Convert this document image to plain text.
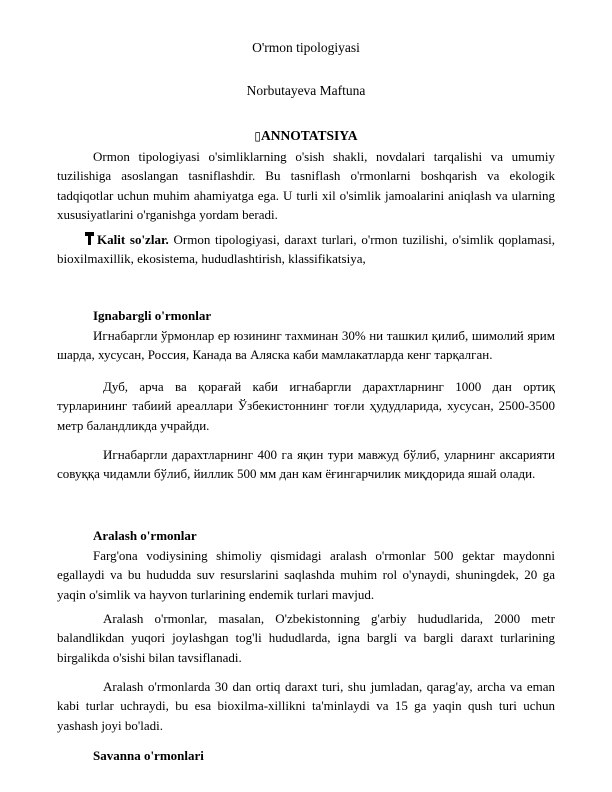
O'rmon tipologiyasi
Norbutayeva Maftuna
▯ANNOTATSIYA

Ormon tipologiyasi o'simliklarning o'sish shakli, novdalari tarqalishi va umumiy tuzilishiga asoslangan tasniflashdir. Bu tasniflash o'rmonlarni boshqarish va ekologik tadqiqotlar uchun muhim ahamiyatga ega. U turli xil o'simlik jamoalarini aniqlash va ularning xususiyatlarini o'rganishga yordam beradi.

Kalit so'zlar. Ormon tipologiyasi, daraxt turlari, o'rmon tuzilishi, o'simlik qoplamasi, bioxilmaxillik, ekosistema, hududlashtirish, klassifikatsiya,

Ignabargli o'rmonlar

Игнабаргли ўрмонлар ер юзининг тахминан 30% ни ташкил қилиб, шимолий ярим шарда, хусусан, Россия, Канада ва Аляска каби мамлакатларда кенг тарқалган.

Дуб, арча ва қорағай каби игнабаргли дарахтларнинг 1000 дан ортиқ турларининг табиий ареаллари Ўзбекистоннинг тоғли ҳудудларида, хусусан, 2500-3500 метр баландликда учрайди.

Игнабаргли дарахтларнинг 400 га яқин тури мавжуд бўлиб, уларнинг аксарияти совуққа чидамли бўлиб, йиллик 500 мм дан кам ёғингарчилик миқдорида яшай олади.

Aralash o'rmonlar

Farg'ona vodiysining shimoliy qismidagi aralash o'rmonlar 500 gektar maydonni egallaydi va bu hududda suv resurslarini saqlashda muhim rol o'ynaydi, shuningdek, 20 ga yaqin o'simlik va hayvon turlarining endemik turlari mavjud.

Aralash o'rmonlar, masalan, O'zbekistonning g'arbiy hududlarida, 2000 metr balandlikdan yuqori joylashgan tog'li hududlarda, igna bargli va bargli daraxt turlarining birgalikda o'sishi bilan tavsiflanadi.

Aralash o'rmonlarda 30 dan ortiq daraxt turi, shu jumladan, qarag'ay, archa va eman kabi turlar uchraydi, bu esa bioxilma-xillikni ta'minlaydi va 15 ga yaqin qush turi uchun yashash joyi bo'ladi.

Savanna o'rmonlari
